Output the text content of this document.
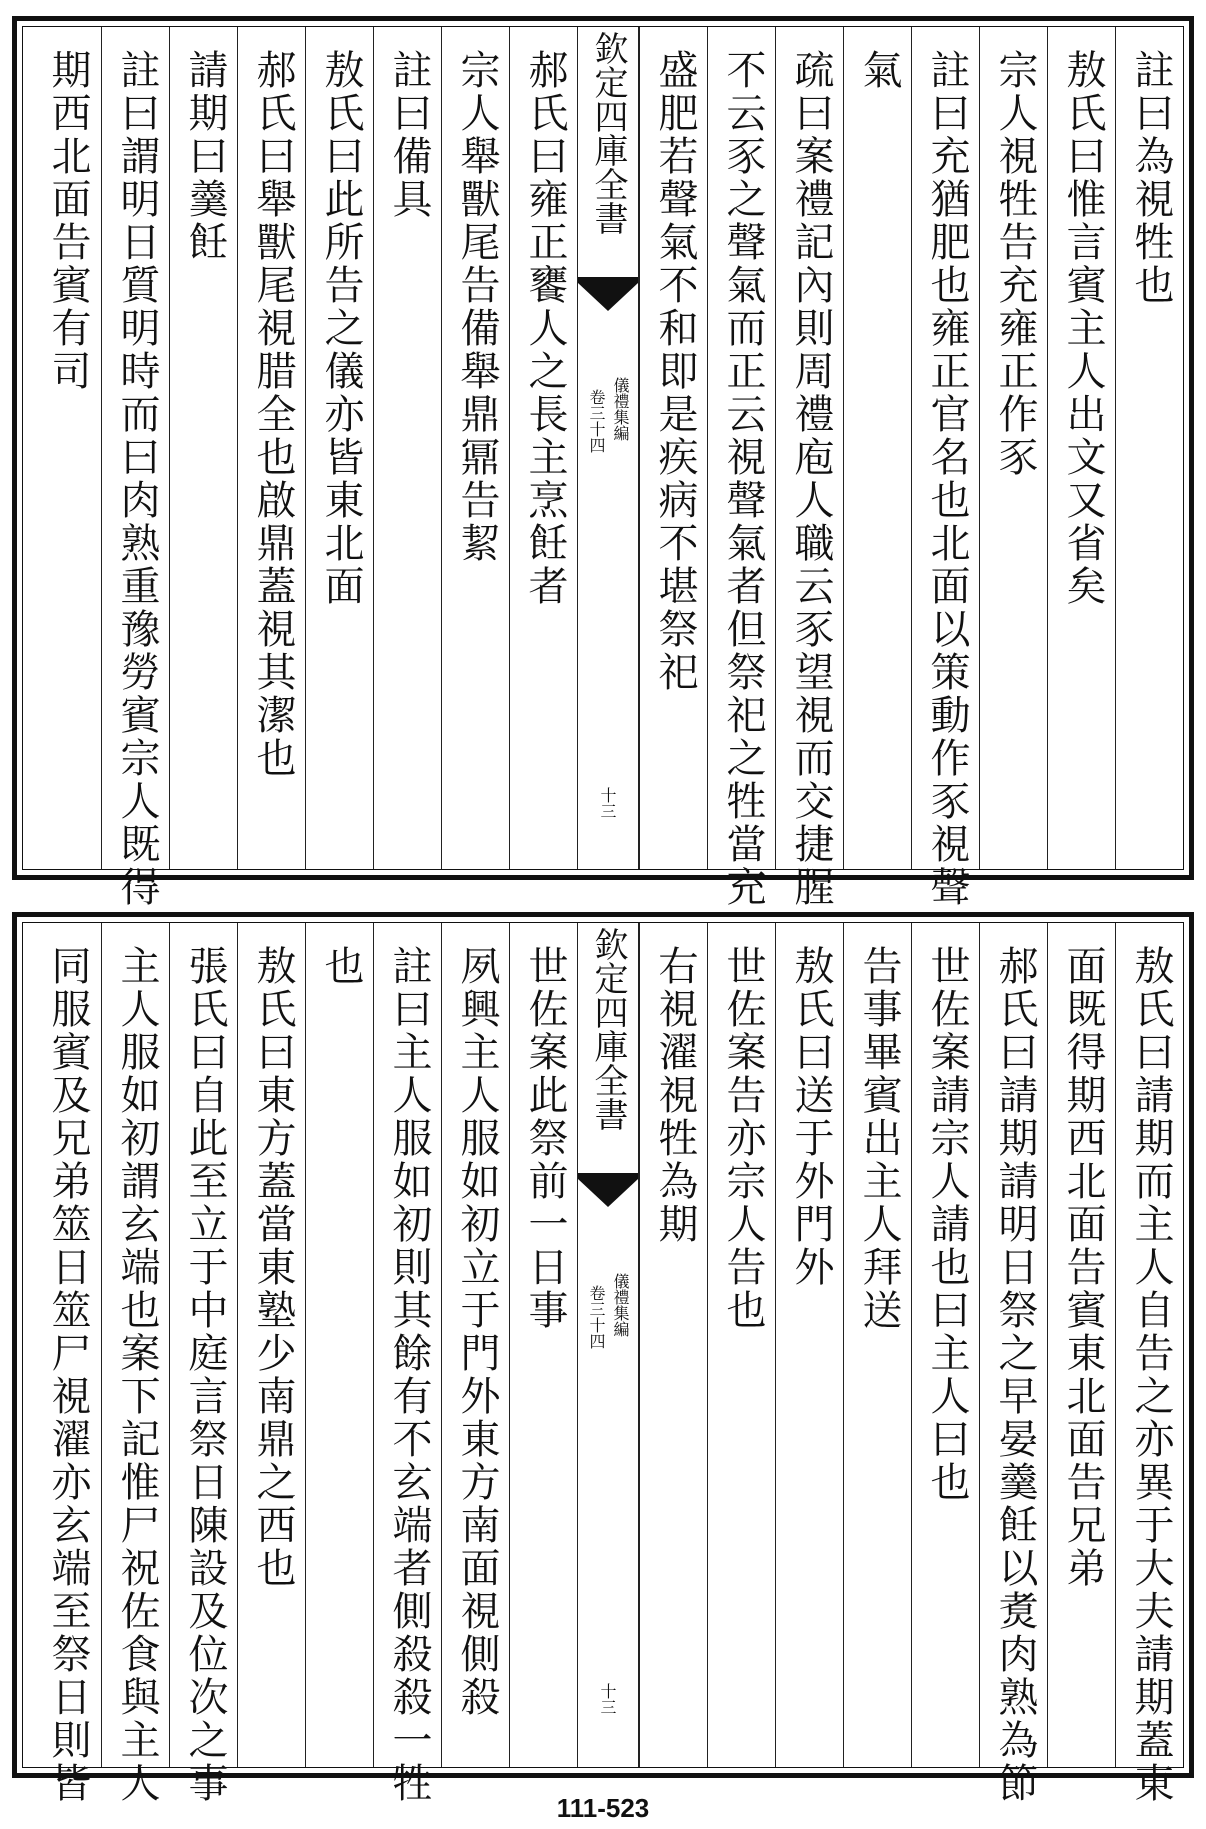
註曰為視牲也
敖氏曰惟言賓主人出文又省矣
宗人視牲告充雍正作豕
註曰充猶肥也雍正官名也北面以策動作豕視聲
氣
疏曰案禮記內則周禮庖人職云豕望視而交捷腥
不云豕之聲氣而正云視聲氣者但祭祀之牲當充
盛肥若聲氣不和即是疾病不堪祭祀
欽定四庫全書
儀禮集編
卷三十四
十三
郝氏曰雍正饔人之長主烹飪者
宗人舉獸尾告備舉鼎鼏告絜
註曰備具
敖氏曰此所告之儀亦皆東北面
郝氏曰舉獸尾視腊全也啟鼎蓋視其潔也
請期曰羹飪
註曰謂明日質明時而曰肉熟重豫勞賓宗人既得
期西北面告賓有司
敖氏曰請期而主人自告之亦異于大夫請期蓋東
面既得期西北面告賓東北面告兄弟
郝氏曰請期請明日祭之早晏羹飪以煑肉熟為節
世佐案請宗人請也曰主人曰也
告事畢賓出主人拜送
敖氏曰送于外門外
世佐案告亦宗人告也
右視濯視牲為期
欽定四庫全書
儀禮集編
卷三十四
十三
世佐案此祭前一日事
夙興主人服如初立于門外東方南面視側殺
註曰主人服如初則其餘有不玄端者側殺殺一牲
也
敖氏曰東方蓋當東塾少南鼎之西也
張氏曰自此至立于中庭言祭日陳設及位次之事
主人服如初謂玄端也案下記惟尸祝佐食與主人
同服賓及兄弟筮日筮尸視濯亦玄端至祭日則皆
111-523
